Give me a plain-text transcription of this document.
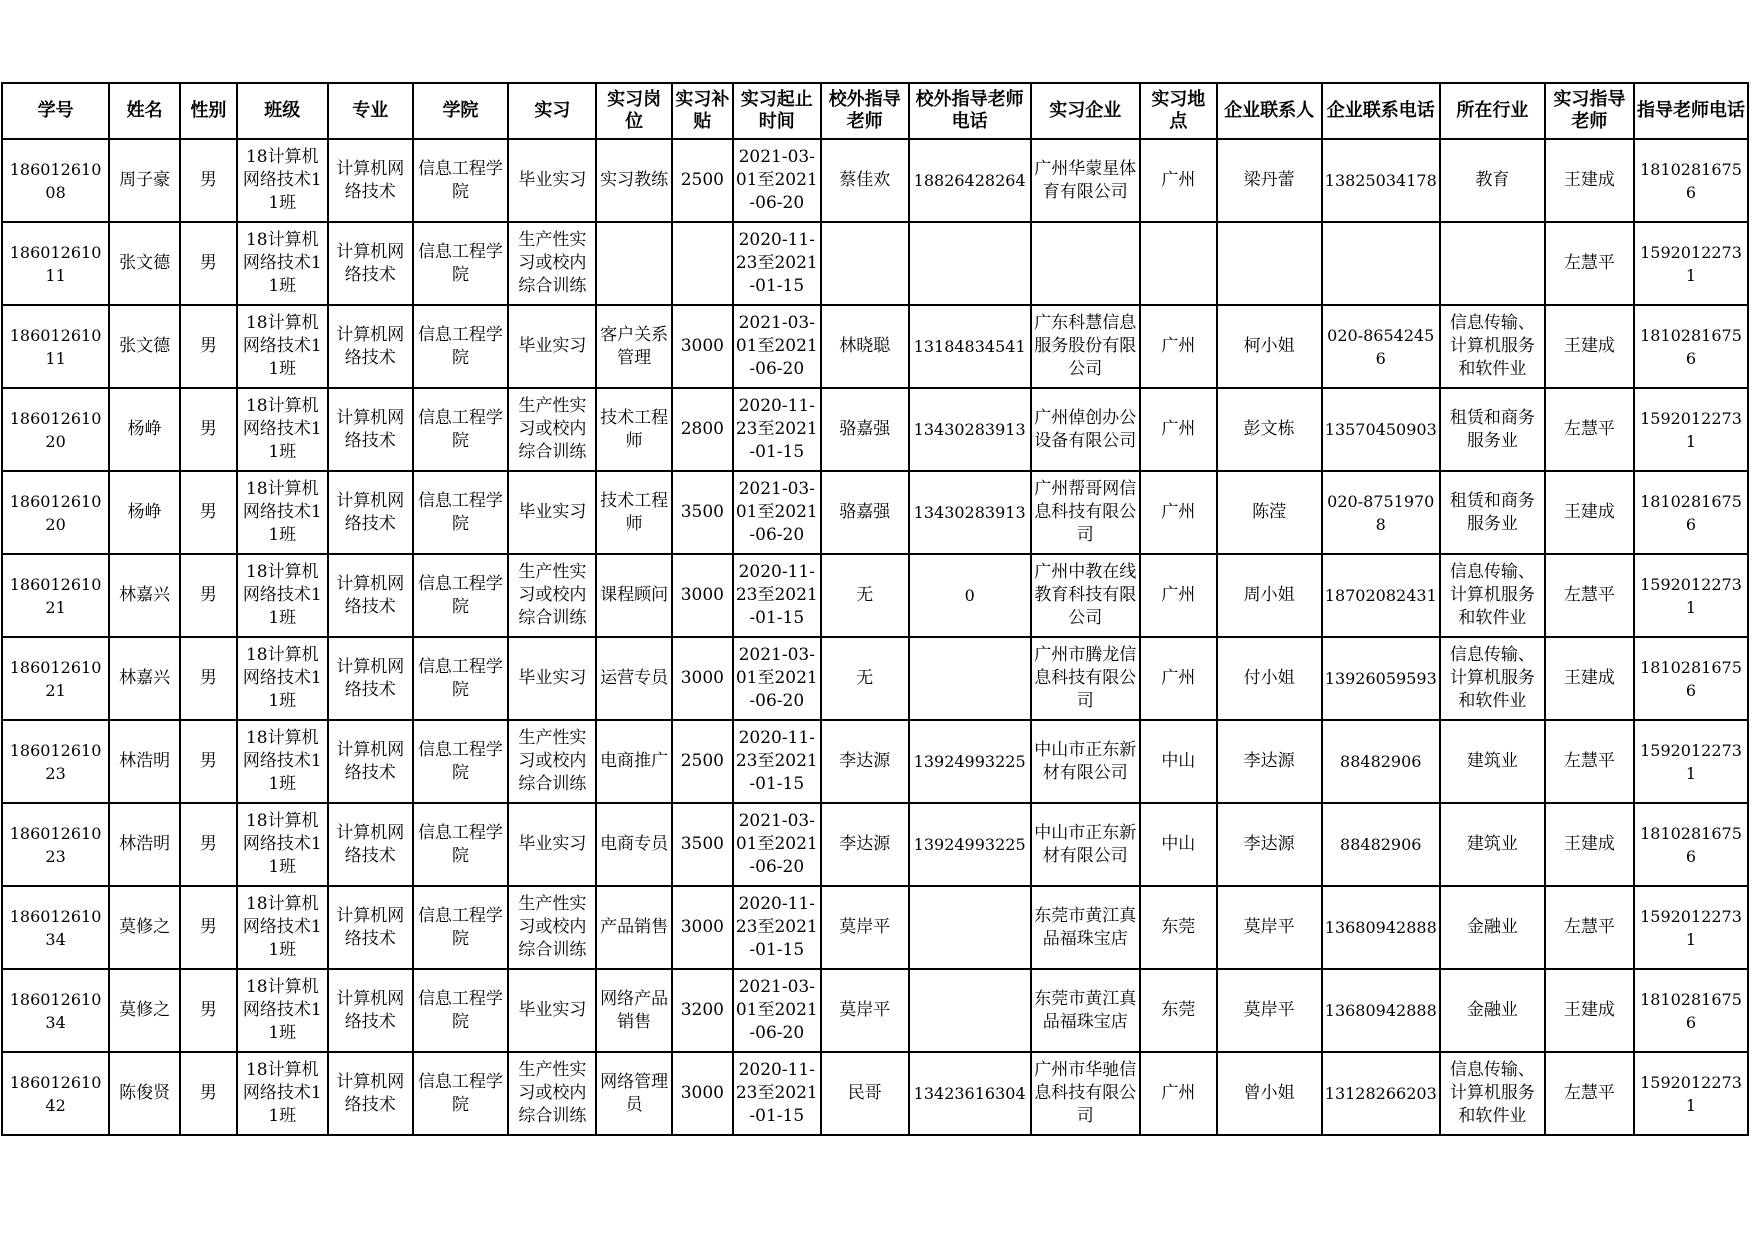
学号	姓名	性别	班级	专业	学院	实习	实习岗位	实习补贴	实习起止时间	校外指导老师	校外指导老师电话	实习企业	实习地点	企业联系人	企业联系电话	所在行业	实习指导老师	指导老师电话
18601261008	周子豪	男	18计算机网络技术11班	计算机网络技术	信息工程学院	毕业实习	实习教练	2500	2021-03-01至2021-06-20	蔡佳欢	18826428264	广州华蒙星体育有限公司	广州	梁丹蕾	13825034178	教育	王建成	18102816756
18601261011	张文德	男	18计算机网络技术11班	计算机网络技术	信息工程学院	生产性实习或校内综合训练			2020-11-23至2021-01-15								左慧平	15920122731
18601261011	张文德	男	18计算机网络技术11班	计算机网络技术	信息工程学院	毕业实习	客户关系管理	3000	2021-03-01至2021-06-20	林晓聪	13184834541	广东科慧信息服务股份有限公司	广州	柯小姐	020-86542456	信息传输、计算机服务和软件业	王建成	18102816756
18601261020	杨峥	男	18计算机网络技术11班	计算机网络技术	信息工程学院	生产性实习或校内综合训练	技术工程师	2800	2020-11-23至2021-01-15	骆嘉强	13430283913	广州倬创办公设备有限公司	广州	彭文栋	13570450903	租赁和商务服务业	左慧平	15920122731
18601261020	杨峥	男	18计算机网络技术11班	计算机网络技术	信息工程学院	毕业实习	技术工程师	3500	2021-03-01至2021-06-20	骆嘉强	13430283913	广州帮哥网信息科技有限公司	广州	陈滢	020-87519708	租赁和商务服务业	王建成	18102816756
18601261021	林嘉兴	男	18计算机网络技术11班	计算机网络技术	信息工程学院	生产性实习或校内综合训练	课程顾问	3000	2020-11-23至2021-01-15	无	0	广州中教在线教育科技有限公司	广州	周小姐	18702082431	信息传输、计算机服务和软件业	左慧平	15920122731
18601261021	林嘉兴	男	18计算机网络技术11班	计算机网络技术	信息工程学院	毕业实习	运营专员	3000	2021-03-01至2021-06-20	无		广州市腾龙信息科技有限公司	广州	付小姐	13926059593	信息传输、计算机服务和软件业	王建成	18102816756
18601261023	林浩明	男	18计算机网络技术11班	计算机网络技术	信息工程学院	生产性实习或校内综合训练	电商推广	2500	2020-11-23至2021-01-15	李达源	13924993225	中山市正东新材有限公司	中山	李达源	88482906	建筑业	左慧平	15920122731
18601261023	林浩明	男	18计算机网络技术11班	计算机网络技术	信息工程学院	毕业实习	电商专员	3500	2021-03-01至2021-06-20	李达源	13924993225	中山市正东新材有限公司	中山	李达源	88482906	建筑业	王建成	18102816756
18601261034	莫修之	男	18计算机网络技术11班	计算机网络技术	信息工程学院	生产性实习或校内综合训练	产品销售	3000	2020-11-23至2021-01-15	莫岸平		东莞市黄江真品福珠宝店	东莞	莫岸平	13680942888	金融业	左慧平	15920122731
18601261034	莫修之	男	18计算机网络技术11班	计算机网络技术	信息工程学院	毕业实习	网络产品销售	3200	2021-03-01至2021-06-20	莫岸平		东莞市黄江真品福珠宝店	东莞	莫岸平	13680942888	金融业	王建成	18102816756
18601261042	陈俊贤	男	18计算机网络技术11班	计算机网络技术	信息工程学院	生产性实习或校内综合训练	网络管理员	3000	2020-11-23至2021-01-15	民哥	13423616304	广州市华驰信息科技有限公司	广州	曾小姐	13128266203	信息传输、计算机服务和软件业	左慧平	15920122731
